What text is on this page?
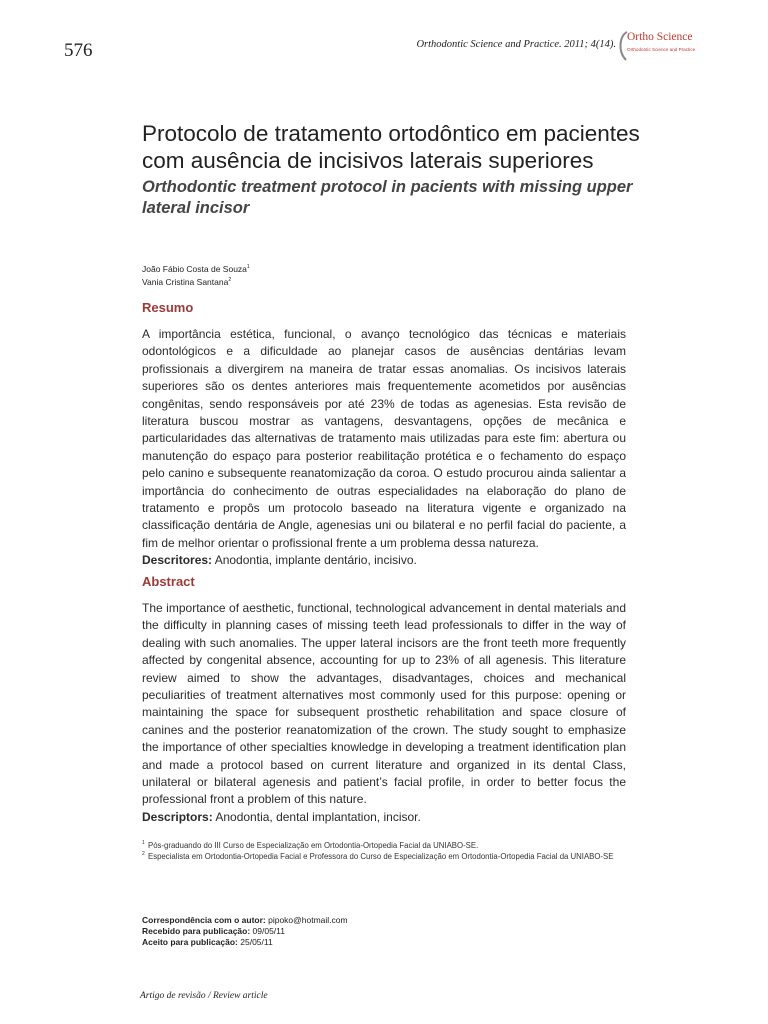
576	Orthodontic Science and Practice. 2011; 4(14).
Ortho Science
Orthodontic Science and Practice
Protocolo de tratamento ortodôntico em pacientes com ausência de incisivos laterais superiores
Orthodontic treatment protocol in pacients with missing upper lateral incisor
João Fábio Costa de Souza$^1$
Vania Cristina Santana$^2$
Resumo

A importância estética, funcional, o avanço tecnológico das técnicas e materiais odontológicos e a dificuldade ao planejar casos de ausências dentárias levam profissionais a divergirem na maneira de tratar essas anomalias. Os incisivos laterais superiores são os dentes anteriores mais frequentemente acometidos por ausências congênitas, sendo responsáveis por até 23% de todas as agenesias. Esta revisão de literatura buscou mostrar as vantagens, desvantagens, opções de mecânica e particularidades das alternativas de tratamento mais utilizadas para este fim: abertura ou manutenção do espaço para posterior reabilitação protética e o fechamento do espaço pelo canino e subsequente reanatomização da coroa. O estudo procurou ainda salientar a importância do conhecimento de outras especialidades na elaboração do plano de tratamento e propôs um protocolo baseado na literatura vigente e organizado na classificação dentária de Angle, agenesias uni ou bilateral e no perfil facial do paciente, a fim de melhor orientar o profissional frente a um problema dessa natureza.

Descritores: Anodontia, implante dentário, incisivo.

Abstract

The importance of aesthetic, functional, technological advancement in dental materials and the difficulty in planning cases of missing teeth lead professionals to differ in the way of dealing with such anomalies. The upper lateral incisors are the front teeth more frequently affected by congenital absence, accounting for up to 23% of all agenesis. This literature review aimed to show the advantages, disadvantages, choices and mechanical peculiarities of treatment alternatives most commonly used for this purpose: opening or maintaining the space for subsequent prosthetic rehabilitation and space closure of canines and the posterior reanatomization of the crown. The study sought to emphasize the importance of other specialties knowledge in developing a treatment identification plan and made a protocol based on current literature and organized in its dental Class, unilateral or bilateral agenesis and patient’s facial profile, in order to better focus the professional front a problem of this nature.

Descriptors: Anodontia, dental implantation, incisor.

1 Pós-graduando do III Curso de Especialização em Ortodontia-Ortopedia Facial da UNIABO-SE.
2 Especialista em Ortodontia-Ortopedia Facial e Professora do Curso de Especialização em Ortodontia-Ortopedia Facial da UNIABO-SE
Correspondência com o autor: pipoko@hotmail.com
Recebido para publicação: 09/05/11
Aceito para publicação: 25/05/11
Artigo de revisão / Review article
